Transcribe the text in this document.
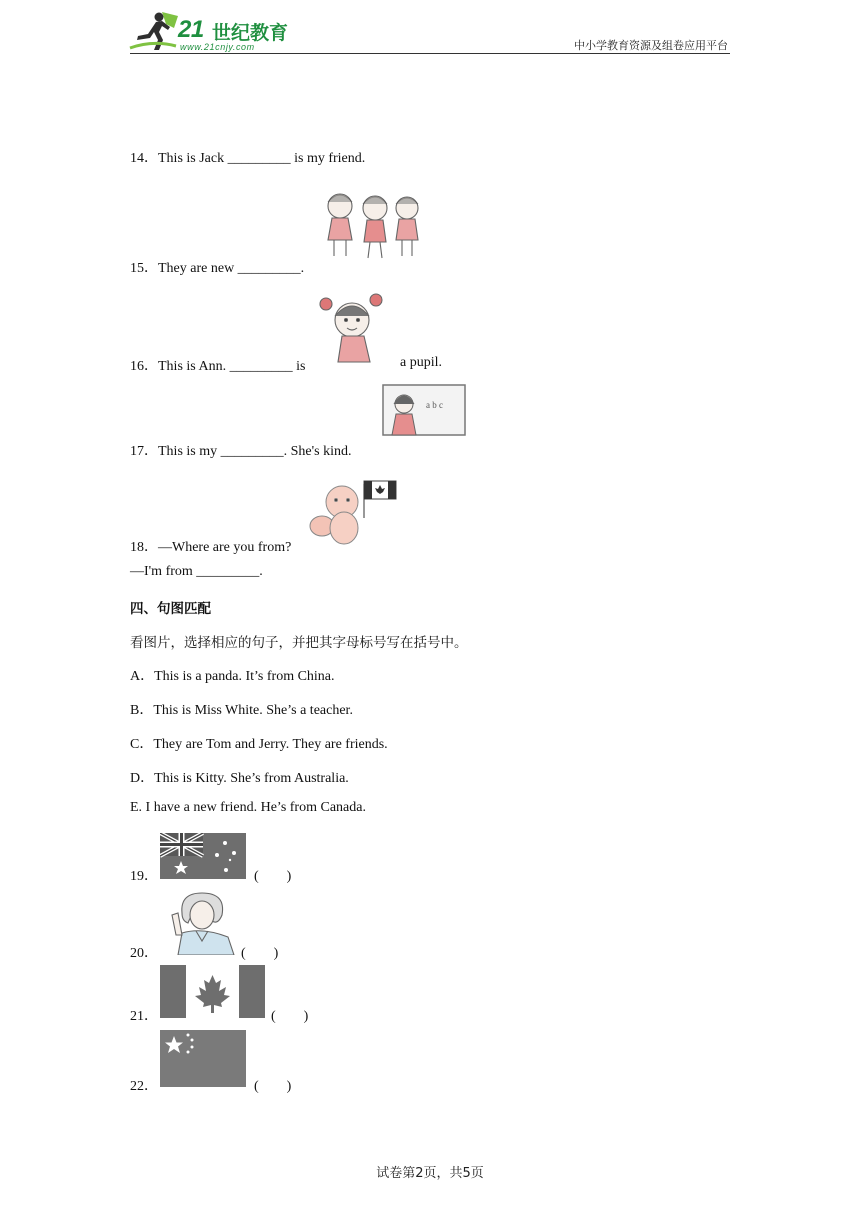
21 世纪教育
www.21cnjy.com	中小学教育资源及组卷应用平台
14．This is Jack _________ is my friend.
15．They are new _________.
16．This is Ann. _________ is	a pupil.
a b c
17．This is my _________. She's kind.
18．—Where are you from?
—I'm from _________.
四、句图匹配
看图片，选择相应的句子，并把其字母标号写在括号中。
A．This is a panda. It’s from China.
B．This is Miss White. She’s a teacher.
C．They are Tom and Jerry. They are friends.
D．This is Kitty. She’s from Australia.
E. I have a new friend. He’s from Canada.
19．	(　　)
20．	(　　)
21．	(　　)
22．	(　　)
试卷第2页，共5页
